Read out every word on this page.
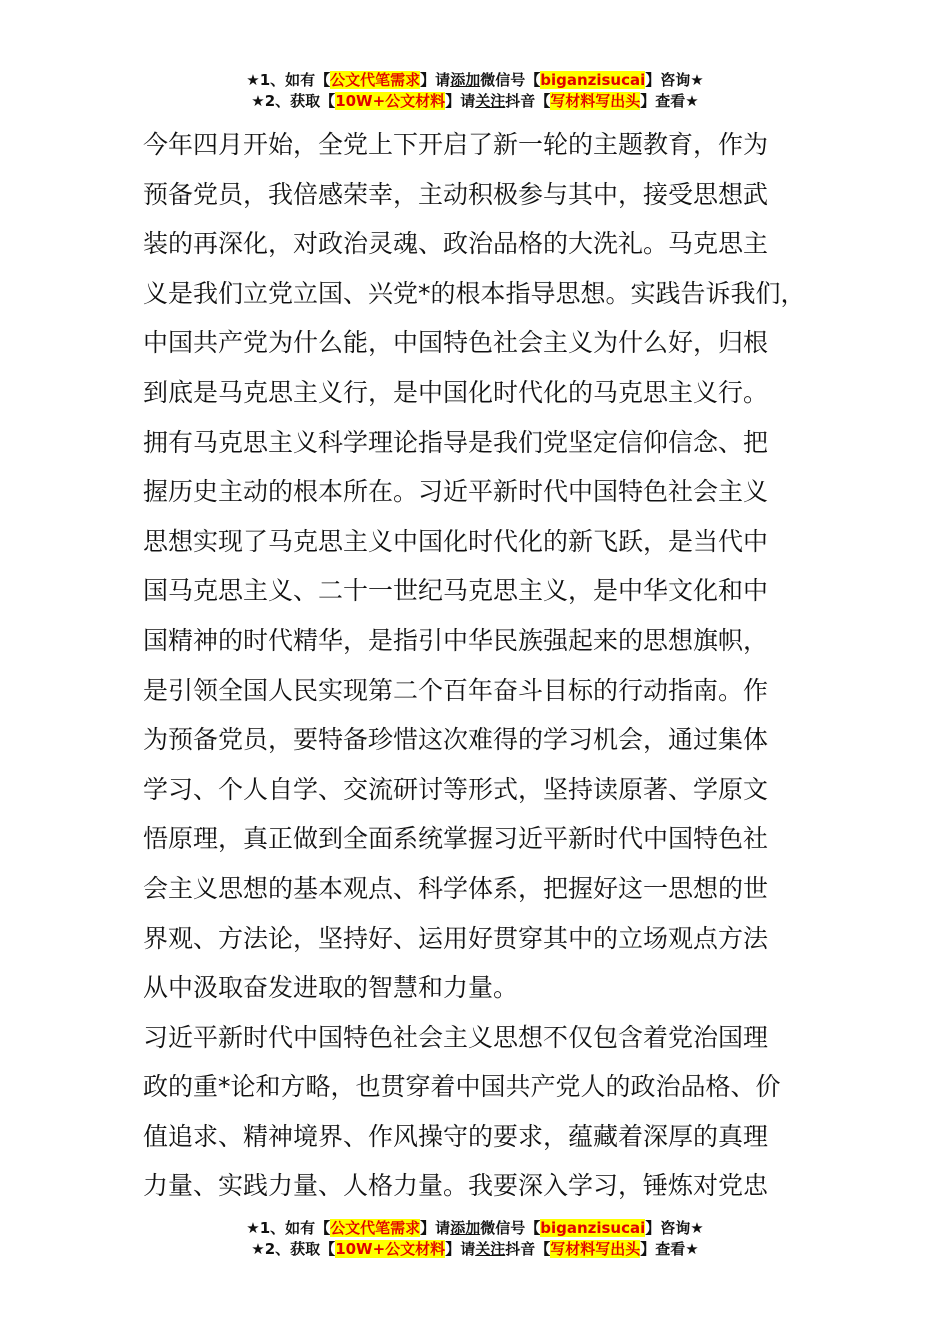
★1、如有【公文代笔需求】请添加微信号【biganzisucai】咨询★
★2、获取【10W+公文材料】请关注抖音【写材料写出头】查看★
今年四月开始，全党上下开启了新一轮的主题教育，作为
预备党员，我倍感荣幸，主动积极参与其中，接受思想武
装的再深化，对政治灵魂、政治品格的大洗礼。马克思主
义是我们立党立国、兴党*的根本指导思想。实践告诉我们，
中国共产党为什么能，中国特色社会主义为什么好，归根
到底是马克思主义行，是中国化时代化的马克思主义行。
拥有马克思主义科学理论指导是我们党坚定信仰信念、把
握历史主动的根本所在。习近平新时代中国特色社会主义
思想实现了马克思主义中国化时代化的新飞跃，是当代中
国马克思主义、二十一世纪马克思主义，是中华文化和中
国精神的时代精华，是指引中华民族强起来的思想旗帜，
是引领全国人民实现第二个百年奋斗目标的行动指南。作
为预备党员，要特备珍惜这次难得的学习机会，通过集体
学习、个人自学、交流研讨等形式，坚持读原著、学原文
悟原理，真正做到全面系统掌握习近平新时代中国特色社
会主义思想的基本观点、科学体系，把握好这一思想的世
界观、方法论，坚持好、运用好贯穿其中的立场观点方法
从中汲取奋发进取的智慧和力量。
习近平新时代中国特色社会主义思想不仅包含着党治国理
政的重*论和方略，也贯穿着中国共产党人的政治品格、价
值追求、精神境界、作风操守的要求，蕴藏着深厚的真理
力量、实践力量、人格力量。我要深入学习，锤炼对党忠
★1、如有【公文代笔需求】请添加微信号【biganzisucai】咨询★
★2、获取【10W+公文材料】请关注抖音【写材料写出头】查看★
